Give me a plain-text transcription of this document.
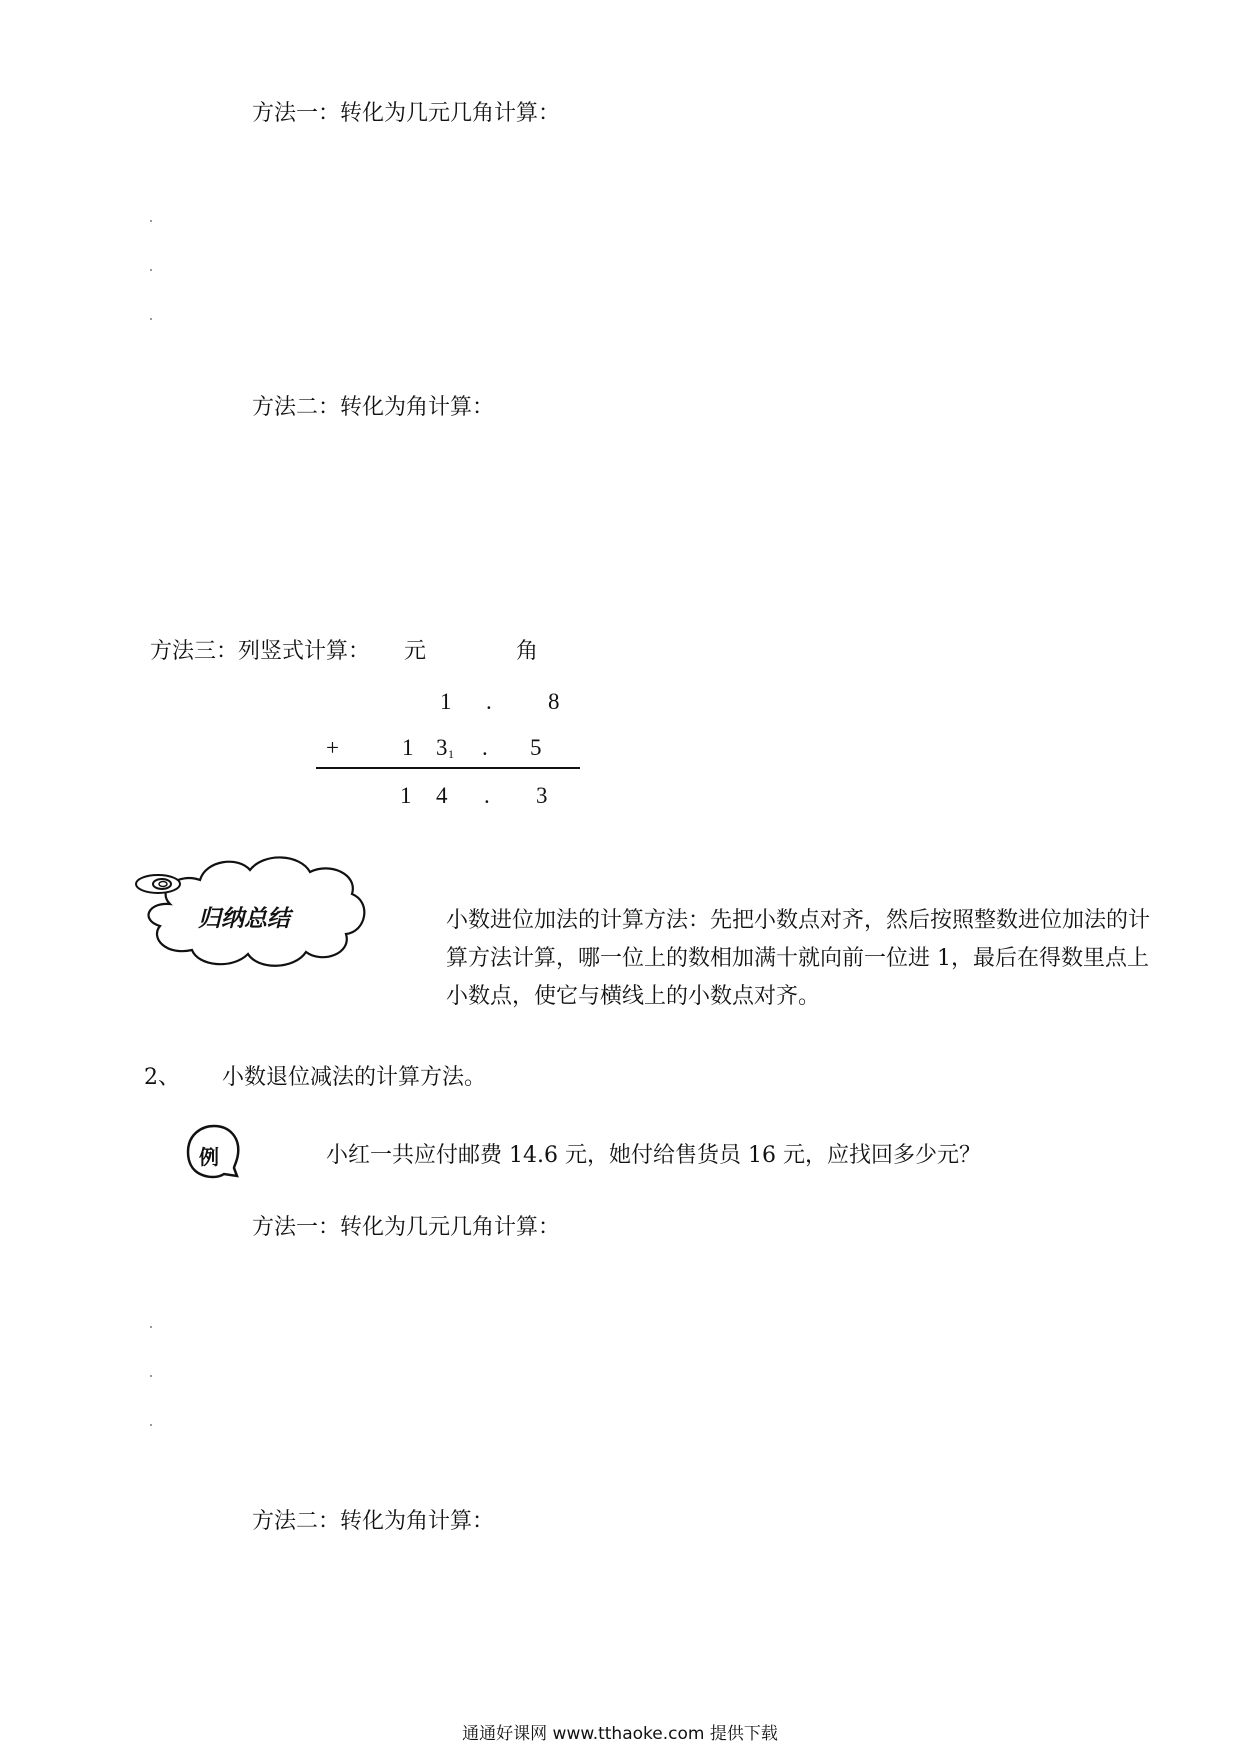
方法一：转化为几元几角计算：
方法二：转化为角计算：
方法三：列竖式计算： 元	角
1 . 8
+	1 3 1 . 5
1 4 . 3
归纳总结	小数进位加法的计算方法：先把小数点对齐，然后按照整数进位加法的计算方法计算，哪一位上的数相加满十就向前一位进 1，最后在得数里点上小数点，使它与横线上的小数点对齐。
2、 小数退位减法的计算方法。
例	小红一共应付邮费 14.6 元，她付给售货员 16 元，应找回多少元？
方法一：转化为几元几角计算：
方法二：转化为角计算：
通通好课网 www.tthaoke.com 提供下载
